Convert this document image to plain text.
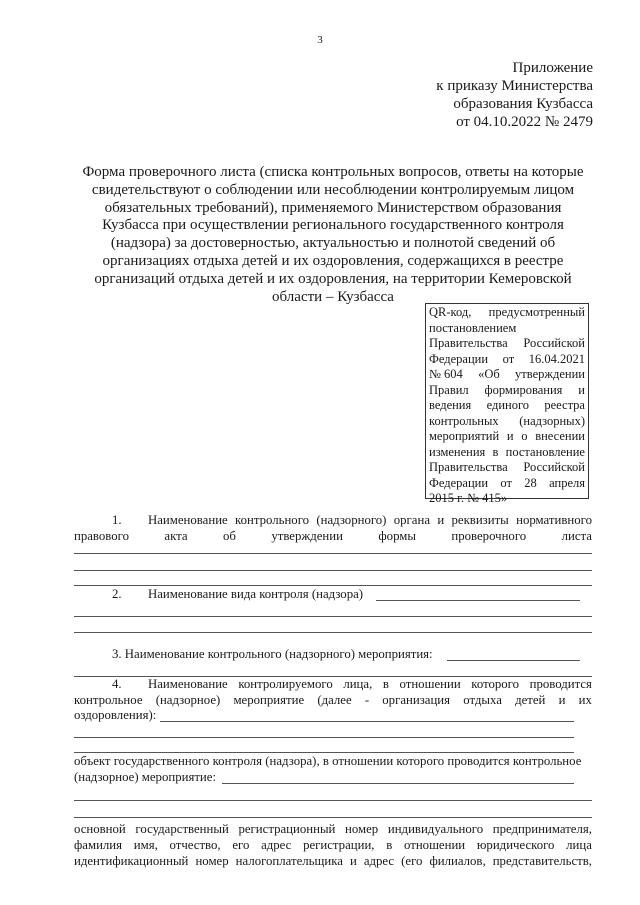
3
Приложение
к приказу Министерства
образования Кузбасса
от 04.10.2022 № 2479
Форма проверочного листа (списка контрольных вопросов, ответы на которые
свидетельствуют о соблюдении или несоблюдении контролируемым лицом
обязательных требований), применяемого Министерством образования
Кузбасса при осуществлении регионального государственного контроля
(надзора) за достоверностью, актуальностью и полнотой сведений об
организациях отдыха детей и их оздоровления, содержащихся в реестре
организаций отдыха детей и их оздоровления, на территории Кемеровской
области – Кузбасса
QR-код, предусмотренный
постановлением
Правительства Российской
Федерации от 16.04.2021
№ 604 «Об утверждении
Правил формирования и
ведения единого реестра
контрольных (надзорных)
мероприятий и о внесении
изменения в постановление
Правительства Российской
Федерации от 28 апреля
2015 г. № 415»
1. Наименование контрольного (надзорного) органа и реквизиты нормативного
правового	акта	об	утверждении	формы	проверочного	листа
2. Наименование вида контроля (надзора)
3. Наименование контрольного (надзорного) мероприятия:
4. Наименование контролируемого лица, в отношении которого проводится
контрольное (надзорное) мероприятие (далее - организация отдыха детей и их
оздоровления):
объект государственного контроля (надзора), в отношении которого проводится контрольное
(надзорное) мероприятие:
основной государственный регистрационный номер индивидуального предпринимателя,
фамилия имя, отчество, его адрес регистрации, в отношении юридического лица
идентификационный номер налогоплательщика и адрес (его филиалов, представительств,
